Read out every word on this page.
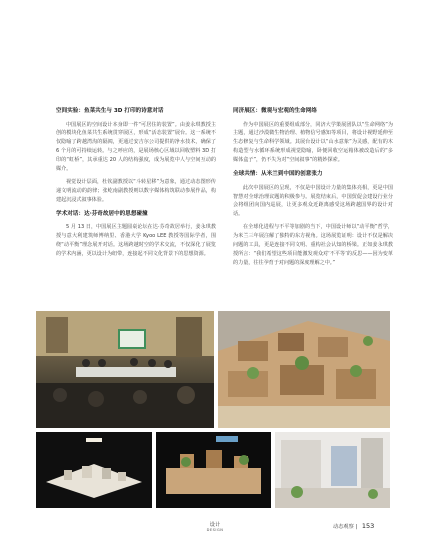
空间实验：鱼菜共生与 3D 打印的诗意对话
中国展区的空间设计本身即一件“可居住的装置”。由姜永琪教授主创的模块化鱼菜共生系统贯穿展区，形成“活态装置”展台。这一系统不仅隐喻了跨越湾沟的隔阂，更通过安吉尔公司提供的净水技术，确保了 6 个月的可持续运转。与之呼应的，是展场核心区域以回收塑料 3D 打印的“虹桥”，其承重达 20 人的结构强度，成为展览中人与空间互动的媒介。
视觉设计层面，杜钦副教授以“斗转星移”为意象，通过动态图形传递文明流动的韵律；张屹南副教授则以数字媒体构筑联动参展作品，构建起沉浸式叙事体验。
学术对话：达·芬奇故居中的思想碰撞
5 月 13 日，中国展区主题圆桌论坛在达·芬奇故居举行，姜永琪教授与意大利建筑师博纳里、香港大学 Kyoo LEE 教授等国际学者，围绕“动平衡”理念展开对话。这场跨越时空的学术交流，不仅深化了展览的学术内涵，更以设计为纽带，连接起不同文化背景下的思想资源。
同济展区：微观与宏观的生命网络
作为中国展区的重要组成部分，同济大学策展团队以“生命网络”为主题，通过沙漠微生物治理、植物信号感知等项目，将设计视野延伸至生态修复与生命科学领域。其展台设计以“山水意象”为灵感，配有的木构造型与水循环系统形成视觉隐喻，卧便回收空运箱体被改造后的“多媒体盒子”，仍不失为对“空间叙事”的精妙探索。
全球共情：从米兰到中国的创意张力
此次中国展区的呈现，不仅是中国设计力量的集体亮相，更是中国智慧对全球治理议题的积极参与。展览结束后，中国贸促会建设行业分会将组团向国内巡展，让更多观众近距离感受这场跨越国界的设计对话。
在全球化进程与不平等加剧的当下，中国设计师以“动平衡”哲学，为米兰三年展注解了独特的东方视角。这场展览证明：设计不仅是解决问题的工具，更是连接不同文明、重构社会认知的桥梁。正如姜永琪教授所言：“我们希望这些项目能激发观众对‘不平等’的反思——因为变革的力量，往往孕育于对问题的深度理解之中。”
设计
DESIGN	动态观察 | 153
